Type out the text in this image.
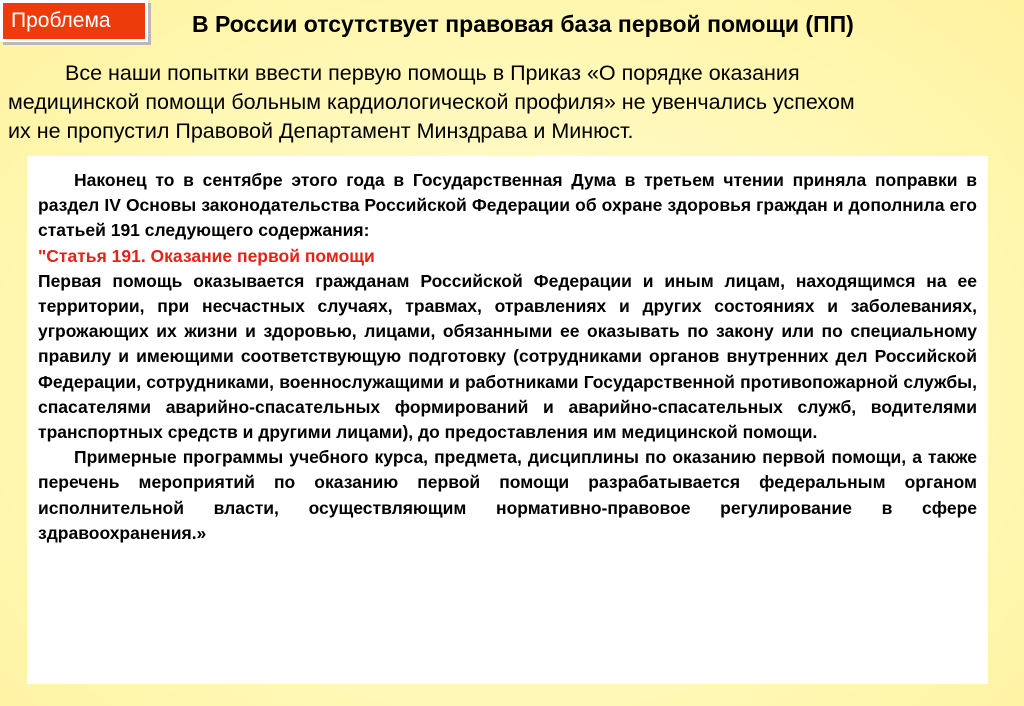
Проблема	В России отсутствует правовая база первой помощи (ПП)
Все наши попытки ввести первую помощь в Приказ «О порядке оказания
медицинской помощи больным кардиологической профиля» не увенчались успехом
их не пропустил Правовой Департамент Минздрава и Минюст.

Наконец то в сентябре этого года в Государственная Дума в третьем чтении приняла поправки в раздел IV Основы законодательства Российской Федерации об охране здоровья граждан и дополнила его статьей 191 следующего содержания:

"Статья 191. Оказание первой помощи

Первая помощь оказывается гражданам Российской Федерации и иным лицам, находящимся на ее территории, при несчастных случаях, травмах, отравлениях и других состояниях и заболеваниях, угрожающих их жизни и здоровью, лицами, обязанными ее оказывать по закону или по специальному правилу и имеющими соответствующую подготовку (сотрудниками органов внутренних дел Российской Федерации, сотрудниками, военнослужащими и работниками Государственной противопожарной службы, спасателями аварийно-спасательных формирований и аварийно-спасательных служб, водителями транспортных средств и другими лицами), до предоставления им медицинской помощи.

Примерные программы учебного курса, предмета, дисциплины по оказанию первой помощи, а также перечень мероприятий по оказанию первой помощи разрабатывается федеральным органом исполнительной власти, осуществляющим нормативно-правовое регулирование в сфере здравоохранения.»
